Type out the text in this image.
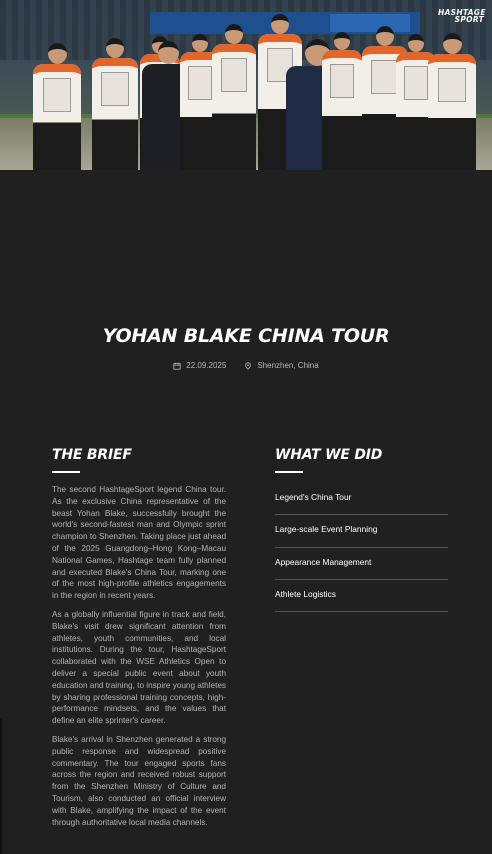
HASHTAGE
SPORT
YOHAN BLAKE CHINA TOUR
22.09.2025	Shenzhen, China
THE BRIEF

The second HashtageSport legend China tour. As the exclusive China representative of the beast Yohan Blake, successfully brought the world's second-fastest man and Olympic sprint champion to Shenzhen. Taking place just ahead of the 2025 Guangdong–Hong Kong–Macau National Games, Hashtage team fully planned and executed Blake's China Tour, marking one of the most high-profile athletics engagements in the region in recent years.

As a globally influential figure in track and field, Blake's visit drew significant attention from athletes, youth communities, and local institutions. During the tour, HashtageSport collaborated with the WSE Athletics Open to deliver a special public event about youth education and training, to inspire young athletes by sharing professional training concepts, high-performance mindsets, and the values that define an elite sprinter's career.

Blake's arrival in Shenzhen generated a strong public response and widespread positive commentary. The tour engaged sports fans across the region and received robust support from the Shenzhen Ministry of Culture and Tourism, also conducted an official interview with Blake, amplifying the impact of the event through authoritative local media channels.

WHAT WE DID
Legend's China Tour
Large-scale Event Planning
Appearance Management
Athlete Logistics
